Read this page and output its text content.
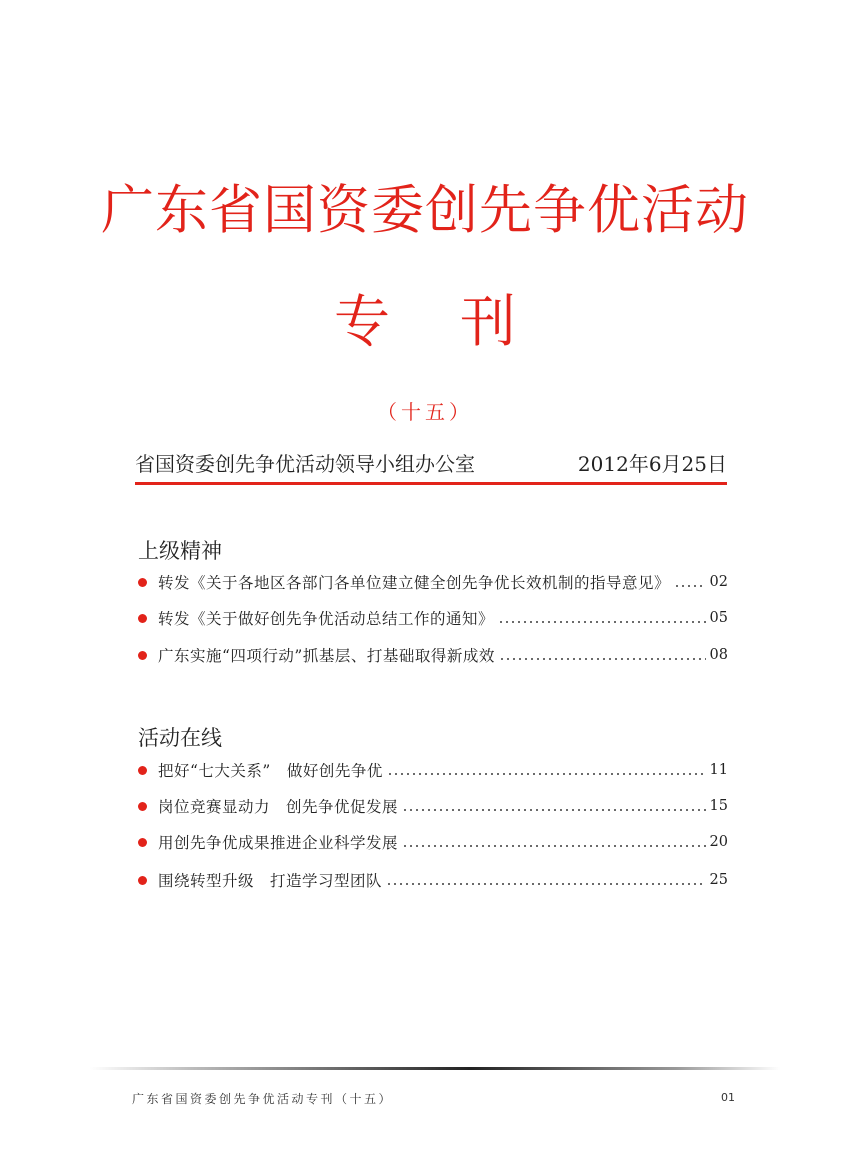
广东省国资委创先争优活动
专刊
（十五）
省国资委创先争优活动领导小组办公室	2012年6月25日
上级精神
转发《关于各地区各部门各单位建立健全创先争优长效机制的指导意见》	02
转发《关于做好创先争优活动总结工作的通知》	05
广东实施“四项行动”抓基层、打基础取得新成效	08
活动在线
把好“七大关系”　做好创先争优	11
岗位竞赛显动力　创先争优促发展	15
用创先争优成果推进企业科学发展	20
围绕转型升级　打造学习型团队	25
广东省国资委创先争优活动专刊（十五）	01
